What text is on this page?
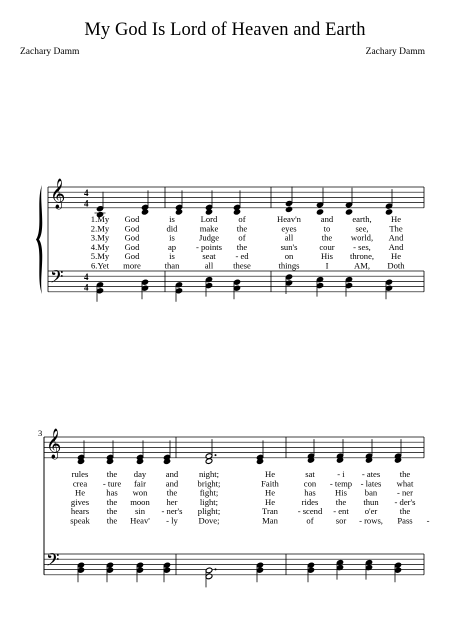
My God Is Lord of Heaven and Earth
Zachary Damm	Zachary Damm
𝄞
𝄢
4
4
4
4
1.My God	is	Lord of	Heav'n and earth, He
2.My God	did	make the	eyes	to	see, The
3.My God	is	Judge of	all	the world, And
4.My God	ap - points the	sun's	cour - ses, And
5.My God	is	seat - ed	on	His throne, He
6.Yet more	than	all these	things	I	AM, Doth
3 𝄞
𝄢
rules the day and night;	He	sat	- i - ates the
crea - ture fair and bright;	Faith	con - temp - lates what
He has won the	fight;	He	has His ban - ner
gives the moon her	light;	He	rides the thun - der's
hears the sin - ner's plight;	Tran - scend - ent o'er	the
speak the Heav' - ly Dove;	Man	of	sor - rows, Pass -
